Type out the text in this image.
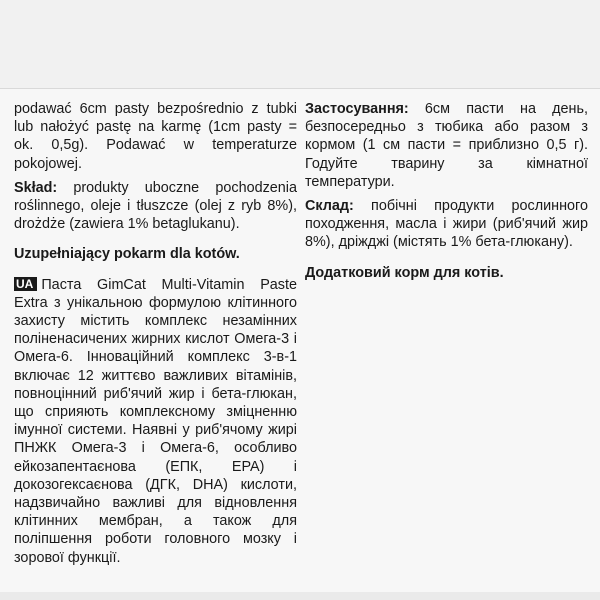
podawać 6cm pasty bezpośrednio z tubki lub nałożyć pastę na karmę (1cm pasty = ok. 0,5g). Podawać w temperaturze pokojowej.

Skład: produkty uboczne pochodzenia roślinnego, oleje i tłuszcze (olej z ryb 8%), drożdże (zawiera 1% betaglukanu).

Uzupełniający pokarm dla kotów.

UA Паста GimCat Multi-Vitamin Paste Extra з унікальною формулою клітинного захисту містить комплекс незамінних поліненасичених жирних кислот Омега-3 і Омега-6. Інноваційний комплекс 3-в-1 включає 12 життєво важливих вітамінів, повноцінний риб'ячий жир і бета-глюкан, що сприяють комплексному зміцненню імунної системи. Наявні у риб'ячому жирі ПНЖК Омега-3 і Омега-6, особливо ейкозапентаєнова (ЕПК, EPA) і докозогексаєнова (ДГК, DHA) кислоти, надзвичайно важливі для відновлення клітинних мембран, а також для поліпшення роботи головного мозку і зорової функції.

Застосування: 6см пасти на день, безпосередньо з тюбика або разом з кормом (1 см пасти = приблизно 0,5 г). Годуйте тварину за кімнатної температури.

Склад: побічні продукти рослинного походження, масла і жири (риб'ячий жир 8%), дріжджі (містять 1% бета-глюкану).

Додатковий корм для котів.
